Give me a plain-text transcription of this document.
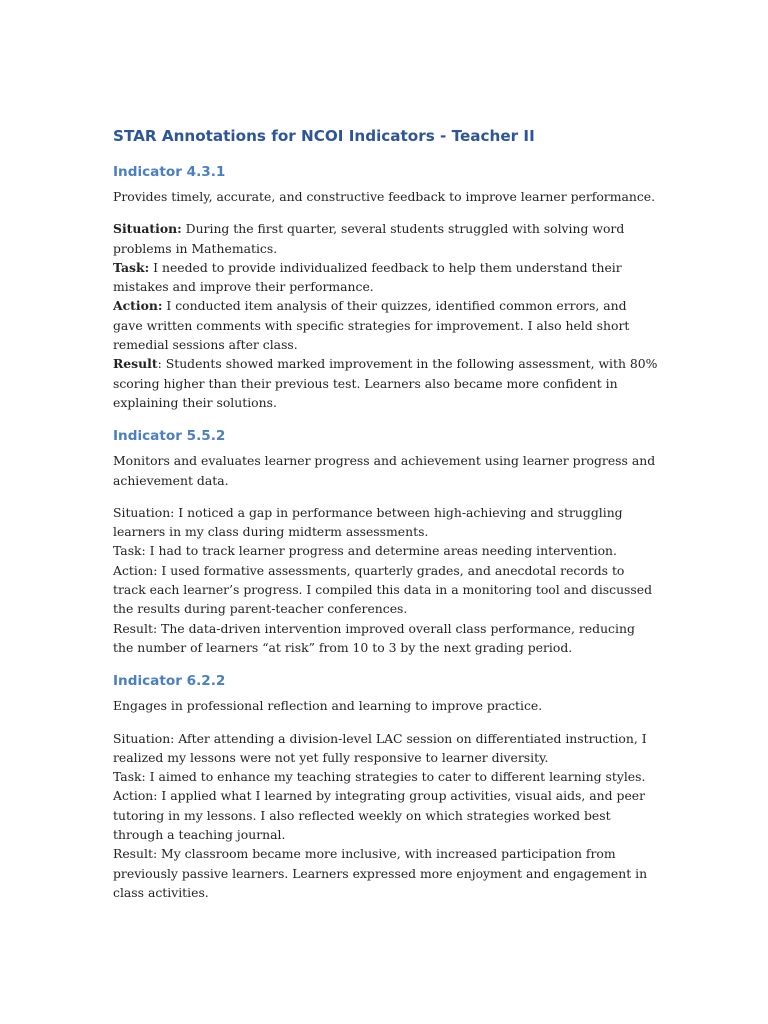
STAR Annotations for NCOI Indicators - Teacher II
Indicator 4.3.1

Provides timely, accurate, and constructive feedback to improve learner performance.

Situation: During the first quarter, several students struggled with solving word problems in Mathematics.

Task: I needed to provide individualized feedback to help them understand their mistakes and improve their performance.

Action: I conducted item analysis of their quizzes, identified common errors, and gave written comments with specific strategies for improvement. I also held short remedial sessions after class.

Result: Students showed marked improvement in the following assessment, with 80% scoring higher than their previous test. Learners also became more confident in explaining their solutions.

Indicator 5.5.2

Monitors and evaluates learner progress and achievement using learner progress and achievement data.

Situation: I noticed a gap in performance between high-achieving and struggling learners in my class during midterm assessments.

Task: I had to track learner progress and determine areas needing intervention.

Action: I used formative assessments, quarterly grades, and anecdotal records to track each learner’s progress. I compiled this data in a monitoring tool and discussed the results during parent-teacher conferences.

Result: The data-driven intervention improved overall class performance, reducing the number of learners “at risk” from 10 to 3 by the next grading period.

Indicator 6.2.2

Engages in professional reflection and learning to improve practice.

Situation: After attending a division-level LAC session on differentiated instruction, I realized my lessons were not yet fully responsive to learner diversity.

Task: I aimed to enhance my teaching strategies to cater to different learning styles.

Action: I applied what I learned by integrating group activities, visual aids, and peer tutoring in my lessons. I also reflected weekly on which strategies worked best through a teaching journal.

Result: My classroom became more inclusive, with increased participation from previously passive learners. Learners expressed more enjoyment and engagement in class activities.
